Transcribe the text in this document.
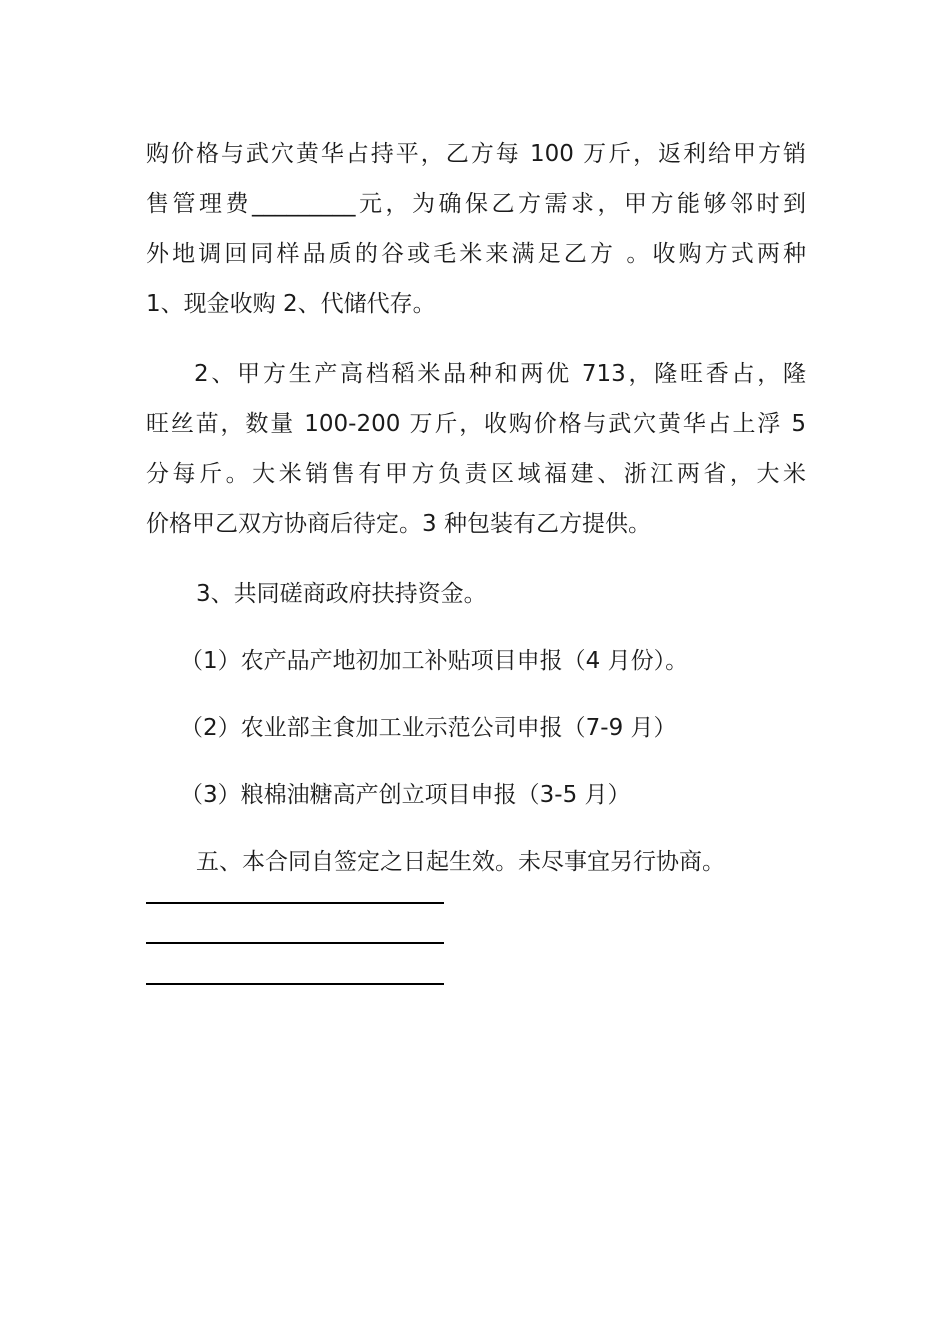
购价格与武穴黄华占持平，乙方每 100 万斤，返利给甲方销
售管理费_________元，为确保乙方需求，甲方能够邻时到
外地调回同样品质的谷或毛米来满足乙方 。收购方式两种
1、现金收购 2、代储代存。
2、甲方生产高档稻米品种和两优 713，隆旺香占，隆
旺丝苗，数量 100-200 万斤，收购价格与武穴黄华占上浮 5
分每斤。大米销售有甲方负责区域福建、浙江两省，大米
价格甲乙双方协商后待定。3 种包装有乙方提供。
3、共同磋商政府扶持资金。
（1）农产品产地初加工补贴项目申报（4 月份）。
（2）农业部主食加工业示范公司申报（7-9 月）
（3）粮棉油糖高产创立项目申报（3-5 月）
五、本合同自签定之日起生效。未尽事宜另行协商。
